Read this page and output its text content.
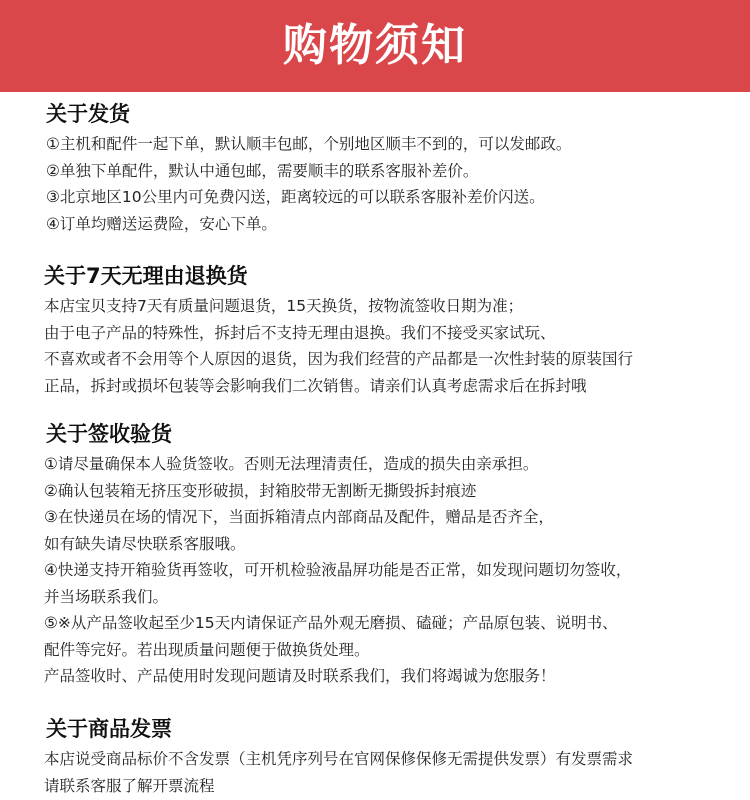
购物须知
关于发货
①主机和配件一起下单，默认顺丰包邮，个别地区顺丰不到的，可以发邮政。
②单独下单配件，默认中通包邮，需要顺丰的联系客服补差价。
③北京地区10公里内可免费闪送，距离较远的可以联系客服补差价闪送。
④订单均赠送运费险，安心下单。
关于7天无理由退换货
本店宝贝支持7天有质量问题退货，15天换货，按物流签收日期为准；
由于电子产品的特殊性，拆封后不支持无理由退换。我们不接受买家试玩、
不喜欢或者不会用等个人原因的退货，因为我们经营的产品都是一次性封装的原装国行
正品，拆封或损坏包装等会影响我们二次销售。请亲们认真考虑需求后在拆封哦
关于签收验货
①请尽量确保本人验货签收。否则无法理清责任，造成的损失由亲承担。
②确认包装箱无挤压变形破损，封箱胶带无割断无撕毁拆封痕迹
③在快递员在场的情况下，当面拆箱清点内部商品及配件，赠品是否齐全，
如有缺失请尽快联系客服哦。
④快递支持开箱验货再签收，可开机检验液晶屏功能是否正常，如发现问题切勿签收，
并当场联系我们。
⑤※从产品签收起至少15天内请保证产品外观无磨损、磕碰；产品原包装、说明书、
配件等完好。若出现质量问题便于做换货处理。
产品签收时、产品使用时发现问题请及时联系我们，我们将竭诚为您服务！
关于商品发票
本店说受商品标价不含发票（主机凭序列号在官网保修保修无需提供发票）有发票需求
请联系客服了解开票流程
